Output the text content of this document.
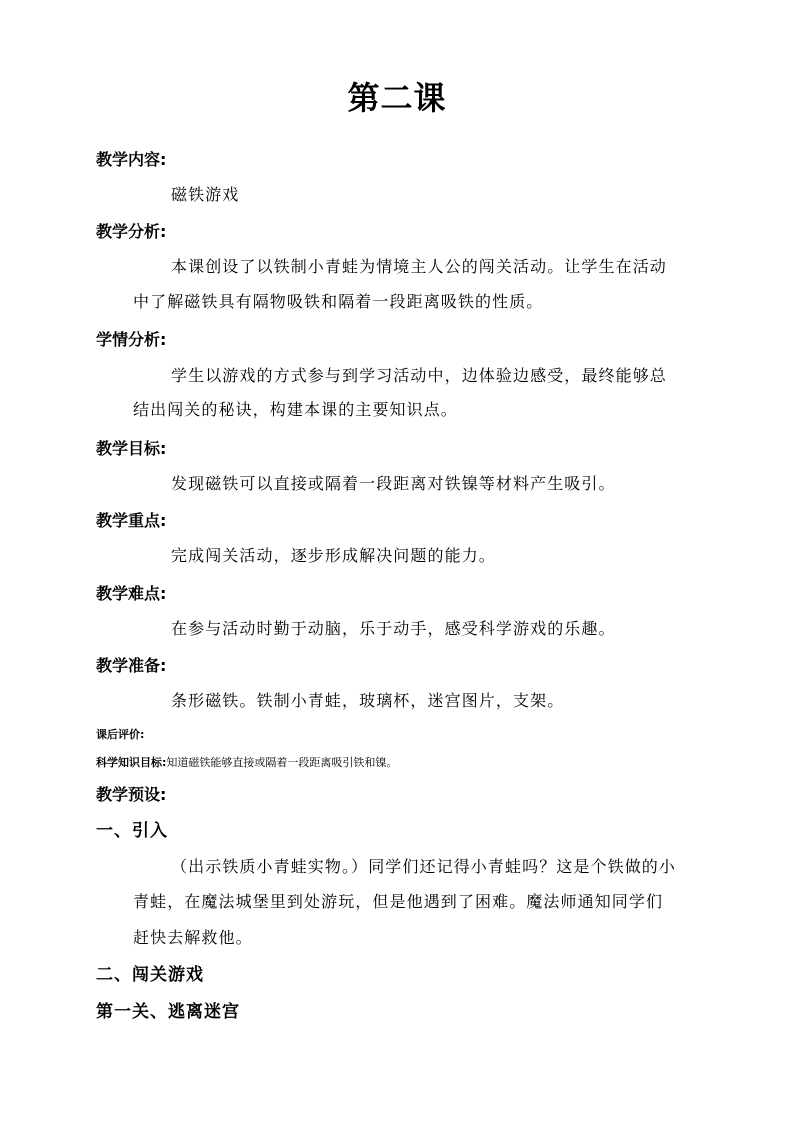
第二课
教学内容:
磁铁游戏
教学分析:
本课创设了以铁制小青蛙为情境主人公的闯关活动。让学生在活动
中了解磁铁具有隔物吸铁和隔着一段距离吸铁的性质。
学情分析:
学生以游戏的方式参与到学习活动中，边体验边感受，最终能够总
结出闯关的秘诀，构建本课的主要知识点。
教学目标:
发现磁铁可以直接或隔着一段距离对铁镍等材料产生吸引。
教学重点:
完成闯关活动，逐步形成解决问题的能力。
教学难点:
在参与活动时勤于动脑，乐于动手，感受科学游戏的乐趣。
教学准备:
条形磁铁。铁制小青蛙，玻璃杯，迷宫图片，支架。
课后评价:
科学知识目标:知道磁铁能够直接或隔着一段距离吸引铁和镍。
教学预设:
一、引入
（出示铁质小青蛙实物。）同学们还记得小青蛙吗？这是个铁做的小
青蛙，在魔法城堡里到处游玩，但是他遇到了困难。魔法师通知同学们
赶快去解救他。
二、闯关游戏
第一关、逃离迷宫
